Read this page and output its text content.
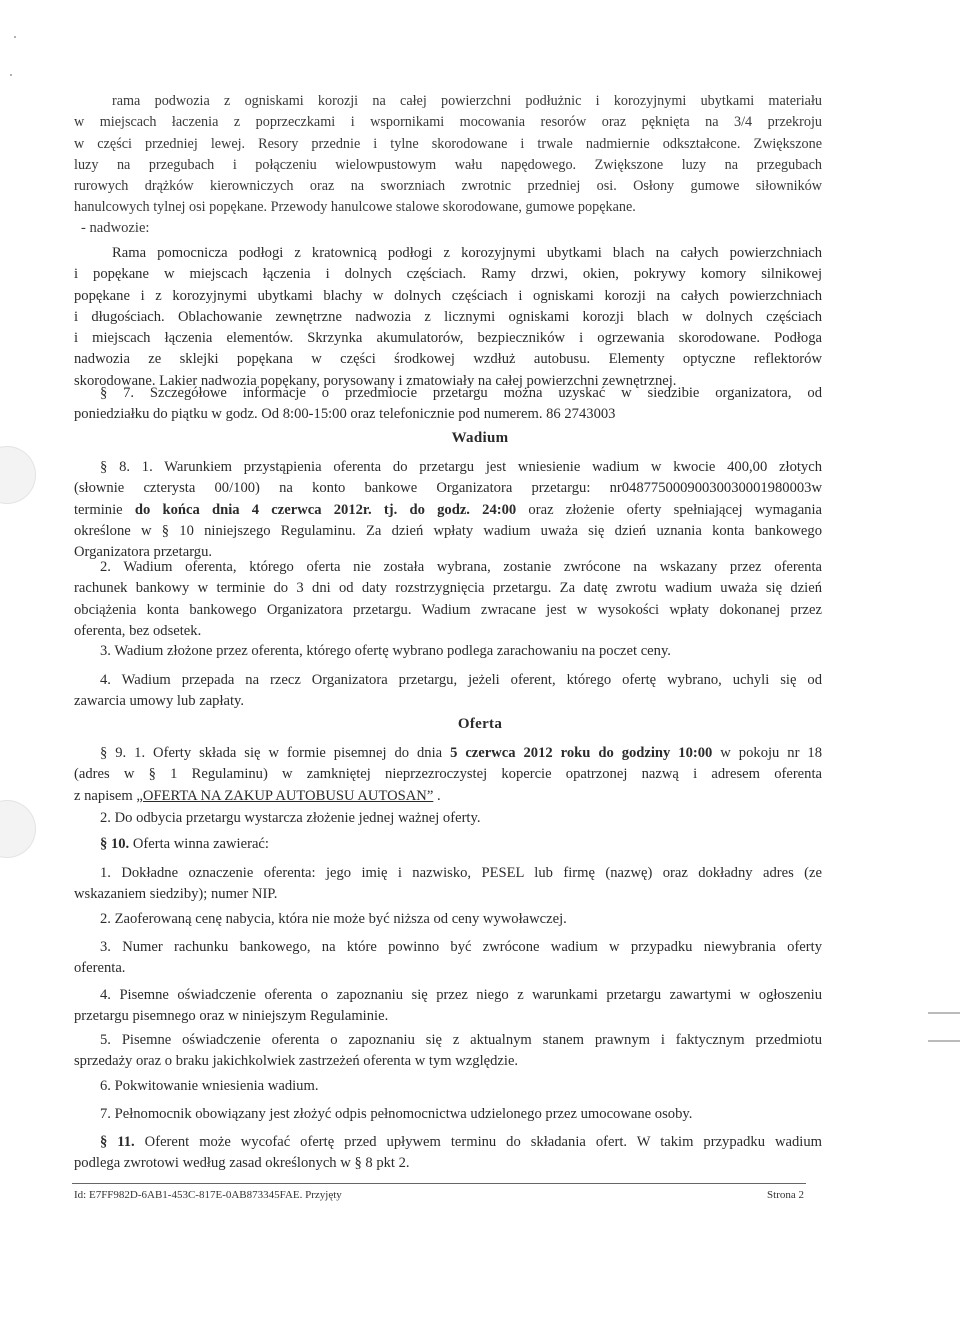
rama podwozia z ogniskami korozji na całej powierzchni podłużnic i korozyjnymi ubytkami materiału
w miejscach łaczenia z poprzeczkami i wspornikami mocowania resorów oraz pęknięta na 3/4 przekroju
w części przedniej lewej. Resory przednie i tylne skorodowane i trwale nadmiernie odkształcone. Zwiększone
luzy na przegubach i połączeniu wielowpustowym wału napędowego. Zwiększone luzy na przegubach
rurowych drążków kierowniczych oraz na sworzniach zwrotnic przedniej osi. Osłony gumowe siłowników
hanulcowych tylnej osi popękane. Przewody hanulcowe stalowe skorodowane, gumowe popękane.
- nadwozie:
Rama pomocnicza podłogi z kratownicą podłogi z korozyjnymi ubytkami blach na całych powierzchniach
i popękane w miejscach łączenia i dolnych częściach. Ramy drzwi, okien, pokrywy komory silnikowej
popękane i z korozyjnymi ubytkami blachy w dolnych częściach i ogniskami korozji na całych powierzchniach
i długościach. Oblachowanie zewnętrzne nadwozia z licznymi ogniskami korozji blach w dolnych częściach
i miejscach łączenia elementów. Skrzynka akumulatorów, bezpieczników i ogrzewania skorodowane. Podłoga
nadwozia ze sklejki popękana w części środkowej wzdłuż autobusu. Elementy optyczne reflektorów
skorodowane. Lakier nadwozia popękany, porysowany i zmatowiały na całej powierzchni zewnętrznej.
§ 7. Szczegółowe informacje o przedmiocie przetargu można uzyskać w siedzibie organizatora, od
poniedziałku do piątku w godz. Od 8:00-15:00 oraz telefonicznie pod numerem. 86 2743003
Wadium
§ 8. 1. Warunkiem przystąpienia oferenta do przetargu jest wniesienie wadium w kwocie 400,00 złotych
(słownie czterysta 00/100) na konto bankowe Organizatora przetargu: nr04877500090030030001980003w
terminie do końca dnia 4 czerwca 2012r. tj. do godz. 24:00 oraz złożenie oferty spełniającej wymagania
określone w § 10 niniejszego Regulaminu. Za dzień wpłaty wadium uważa się dzień uznania konta bankowego
Organizatora przetargu.
2. Wadium oferenta, którego oferta nie została wybrana, zostanie zwrócone na wskazany przez oferenta
rachunek bankowy w terminie do 3 dni od daty rozstrzygnięcia przetargu. Za datę zwrotu wadium uważa się dzień
obciążenia konta bankowego Organizatora przetargu. Wadium zwracane jest w wysokości wpłaty dokonanej przez
oferenta, bez odsetek.
3. Wadium złożone przez oferenta, którego ofertę wybrano podlega zarachowaniu na poczet ceny.
4. Wadium przepada na rzecz Organizatora przetargu, jeżeli oferent, którego ofertę wybrano, uchyli się od
zawarcia umowy lub zapłaty.
Oferta
§ 9. 1. Oferty składa się w formie pisemnej do dnia 5 czerwca 2012 roku do godziny 10:00 w pokoju nr 18
(adres w § 1 Regulaminu) w zamkniętej nieprzezroczystej kopercie opatrzonej nazwą i adresem oferenta
z napisem „OFERTA NA ZAKUP AUTOBUSU AUTOSAN” .
2. Do odbycia przetargu wystarcza złożenie jednej ważnej oferty.
§ 10. Oferta winna zawierać:
1. Dokładne oznaczenie oferenta: jego imię i nazwisko, PESEL lub firmę (nazwę) oraz dokładny adres (ze
wskazaniem siedziby); numer NIP.
2. Zaoferowaną cenę nabycia, która nie może być niższa od ceny wywoławczej.
3. Numer rachunku bankowego, na które powinno być zwrócone wadium w przypadku niewybrania oferty
oferenta.
4. Pisemne oświadczenie oferenta o zapoznaniu się przez niego z warunkami przetargu zawartymi w ogłoszeniu
przetargu pisemnego oraz w niniejszym Regulaminie.
5. Pisemne oświadczenie oferenta o zapoznaniu się z aktualnym stanem prawnym i faktycznym przedmiotu
sprzedaży oraz o braku jakichkolwiek zastrzeżeń oferenta w tym względzie.
6. Pokwitowanie wniesienia wadium.
7. Pełnomocnik obowiązany jest złożyć odpis pełnomocnictwa udzielonego przez umocowane osoby.
§ 11. Oferent może wycofać ofertę przed upływem terminu do składania ofert. W takim przypadku wadium
podlega zwrotowi według zasad określonych w § 8 pkt 2.
Id: E7FF982D-6AB1-453C-817E-0AB873345FAE. Przyjęty	Strona 2
